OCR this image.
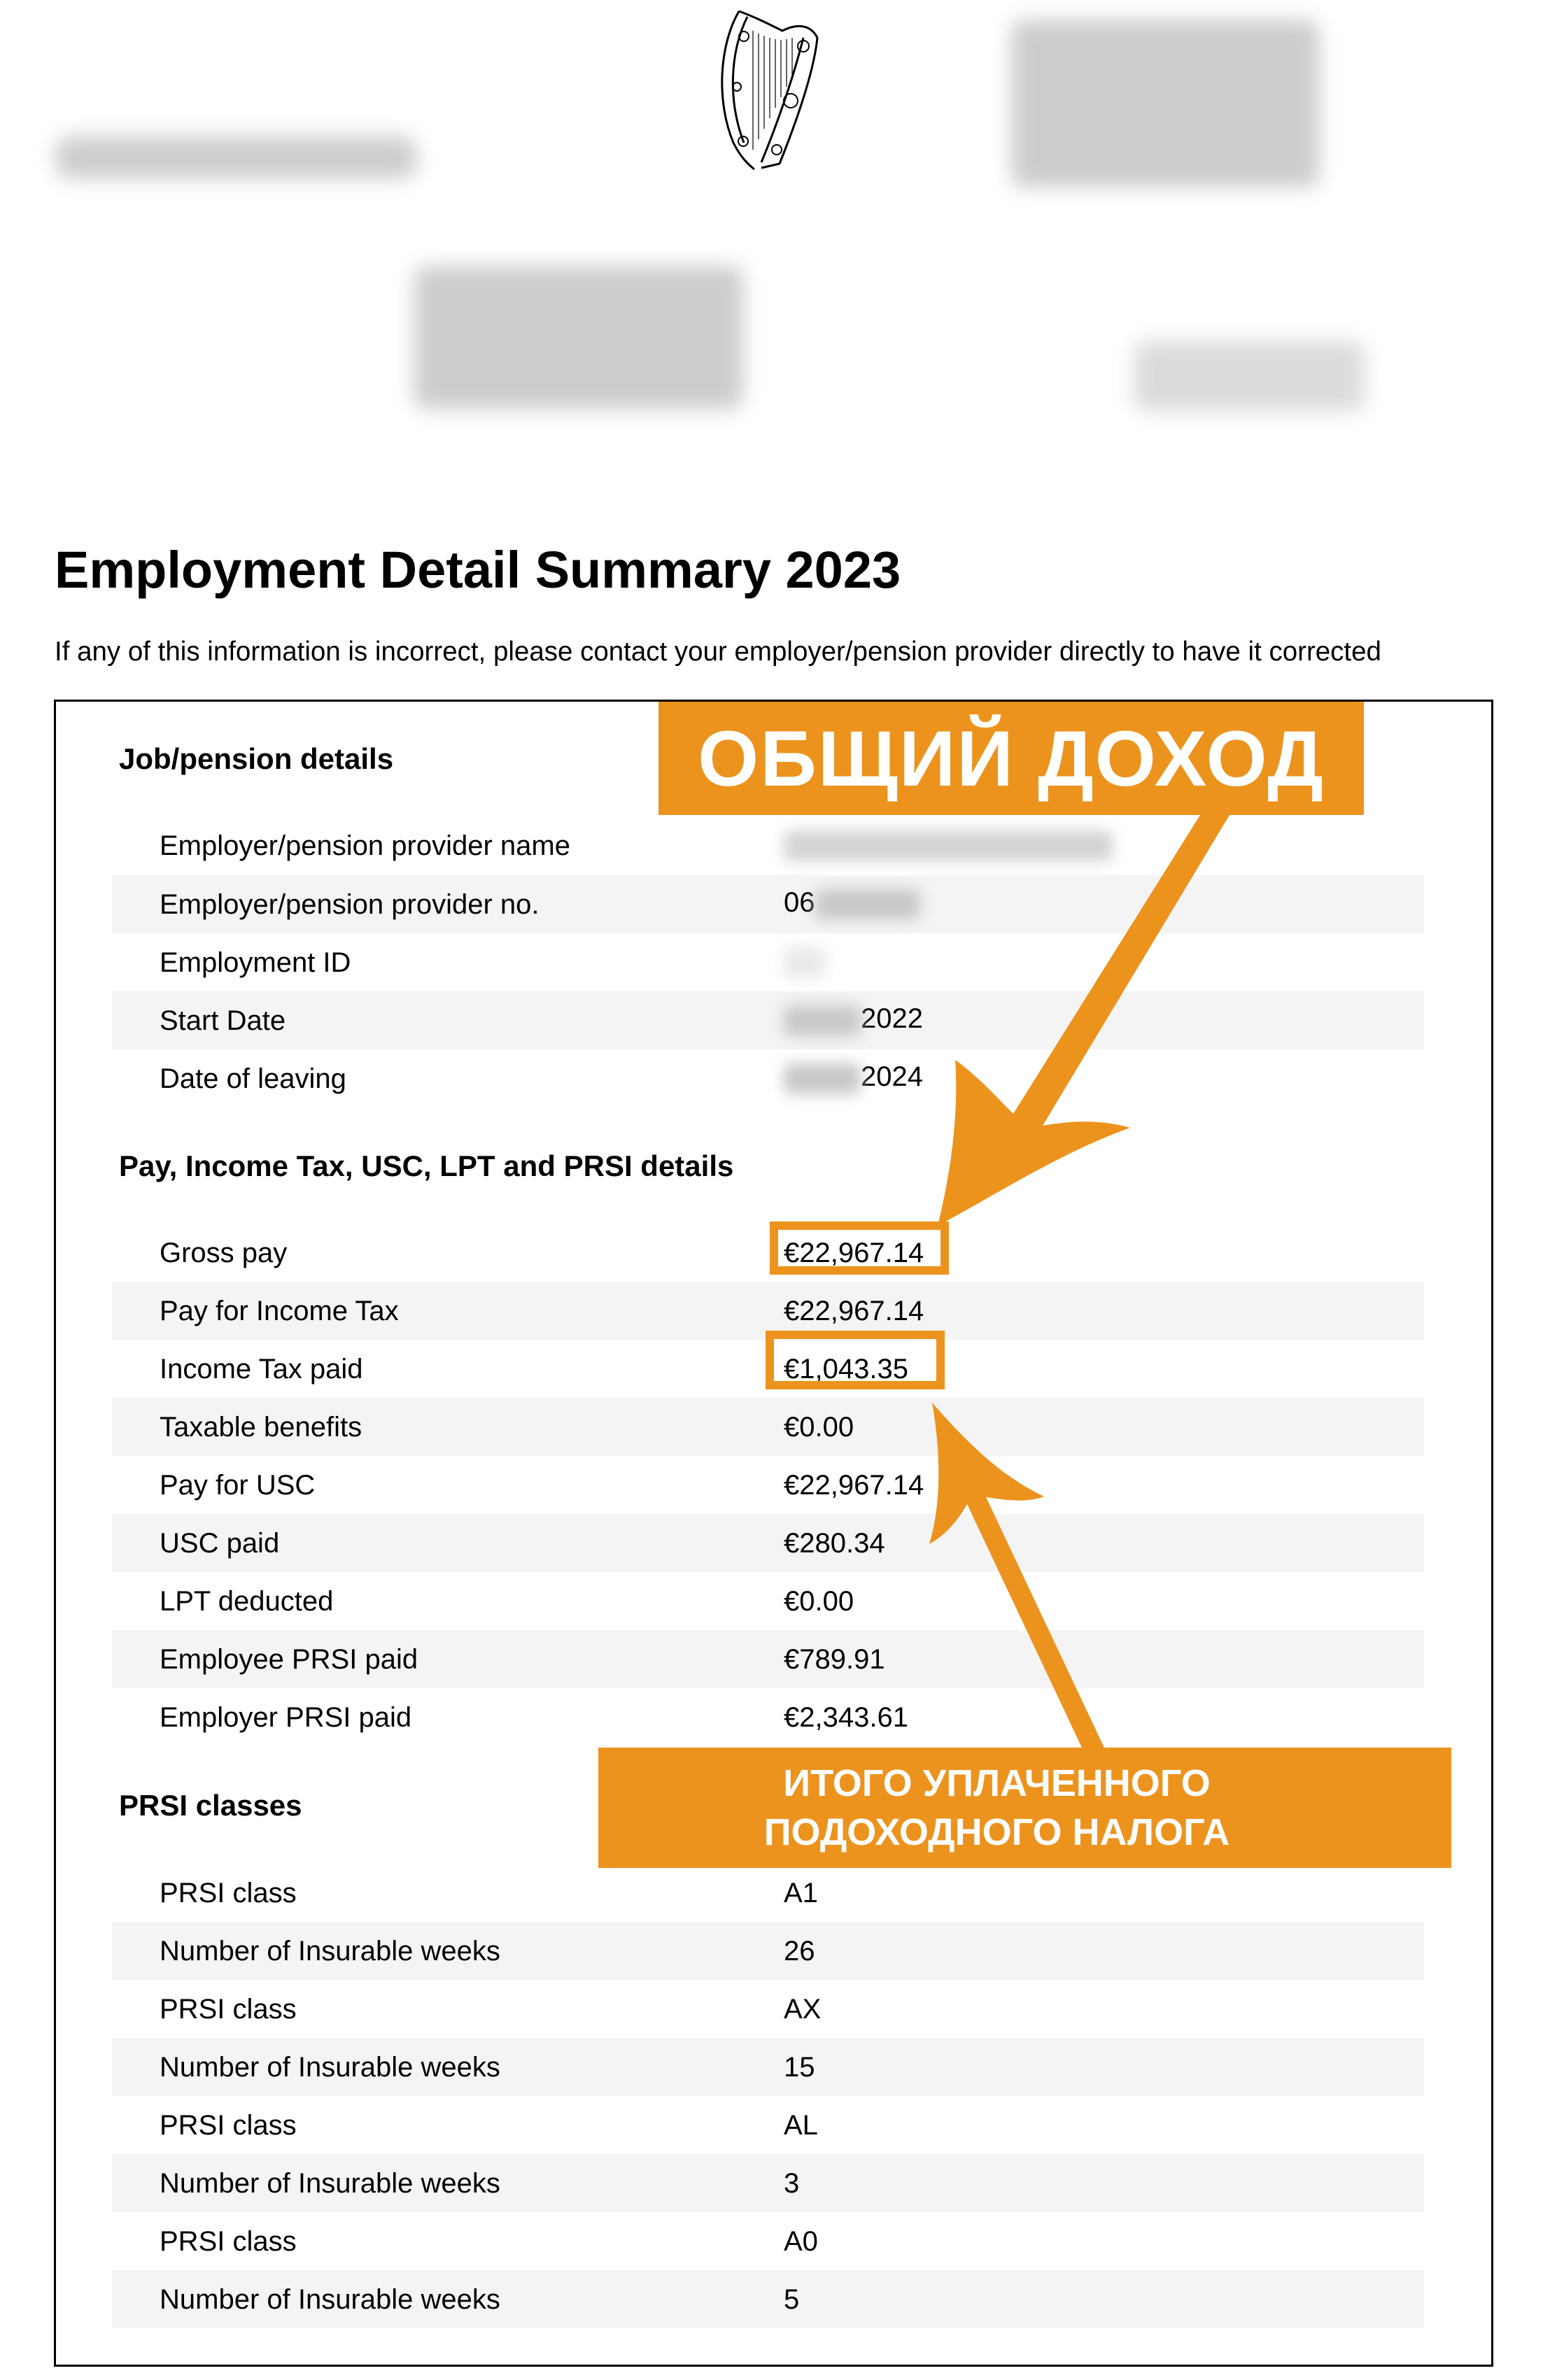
Employment Detail Summary 2023

If any of this information is incorrect, please contact your employer/pension provider directly to have it corrected

Job/pension details
Employer/pension provider name
Employer/pension provider no.	06
Employment ID
Start Date	2022
Date of leaving	2024
Pay, Income Tax, USC, LPT and PRSI details
Gross pay	€22,967.14
Pay for Income Tax	€22,967.14
Income Tax paid	€1,043.35
Taxable benefits	€0.00
Pay for USC	€22,967.14
USC paid	€280.34
LPT deducted	€0.00
Employee PRSI paid	€789.91
Employer PRSI paid	€2,343.61
PRSI classes
PRSI class	A1
Number of Insurable weeks	26
PRSI class	AX
Number of Insurable weeks	15
PRSI class	AL
Number of Insurable weeks	3
PRSI class	A0
Number of Insurable weeks	5
ОБЩИЙ ДОХОД
ИТОГО УПЛАЧЕННОГО
ПОДОХОДНОГО НАЛОГА
